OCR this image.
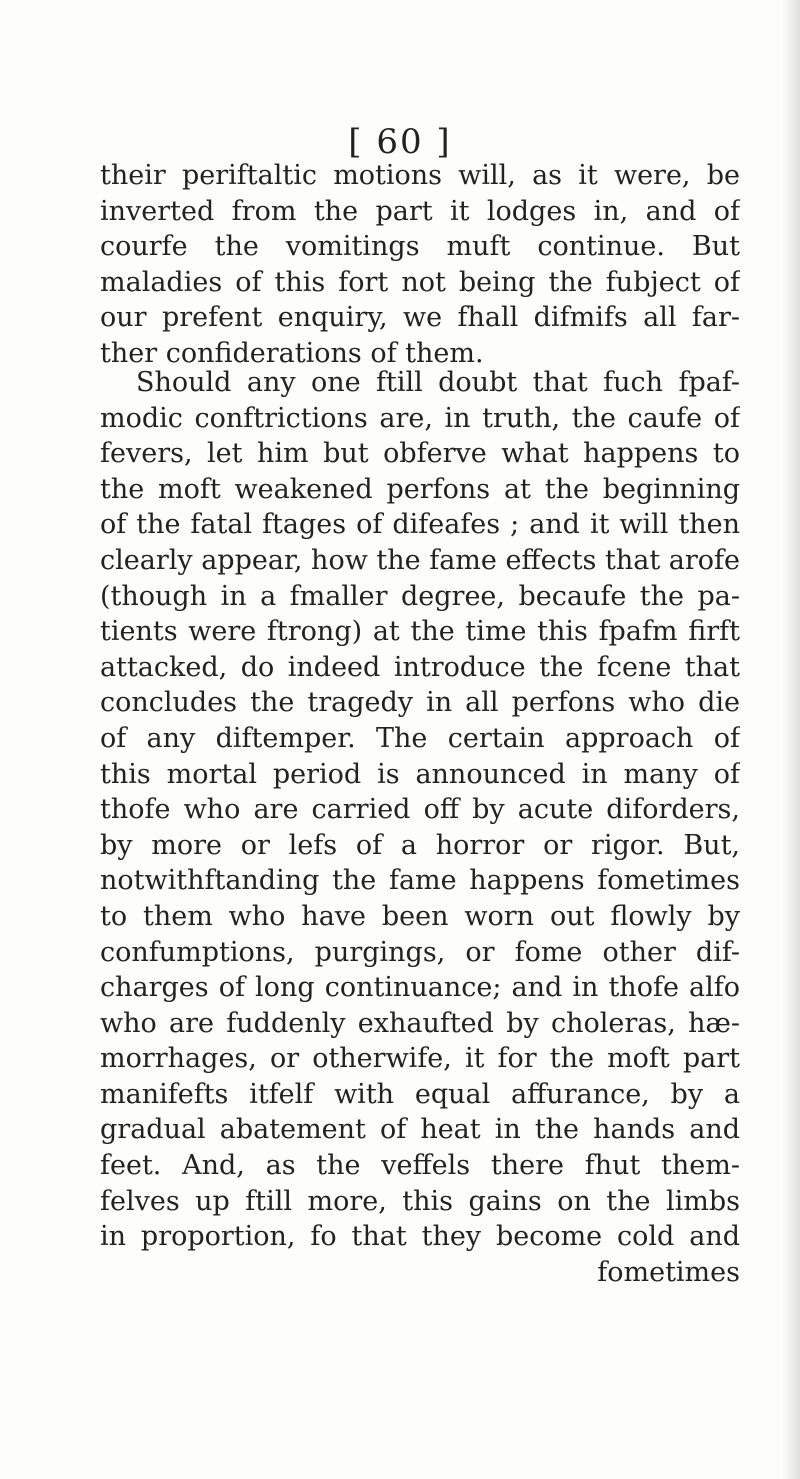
[ 60 ]
their periftaltic motions will, as it were, be
inverted from the part it lodges in, and of
courfe the vomitings muft continue. But
maladies of this fort not being the fubject of
our prefent enquiry, we fhall difmifs all far-
ther confiderations of them.
Should any one ftill doubt that fuch fpaf-
modic conftrictions are, in truth, the caufe of
fevers, let him but obferve what happens to
the moft weakened perfons at the beginning
of the fatal ftages of difeafes ; and it will then
clearly appear, how the fame effects that arofe
(though in a fmaller degree, becaufe the pa-
tients were ftrong) at the time this fpafm firft
attacked, do indeed introduce the fcene that
concludes the tragedy in all perfons who die
of any diftemper. The certain approach of
this mortal period is announced in many of
thofe who are carried off by acute diforders,
by more or lefs of a horror or rigor. But,
notwithftanding the fame happens fometimes
to them who have been worn out flowly by
confumptions, purgings, or fome other dif-
charges of long continuance; and in thofe alfo
who are fuddenly exhaufted by choleras, hæ-
morrhages, or otherwife, it for the moft part
manifefts itfelf with equal affurance, by a
gradual abatement of heat in the hands and
feet. And, as the veffels there fhut them-
felves up ftill more, this gains on the limbs
in proportion, fo that they become cold and
fometimes
